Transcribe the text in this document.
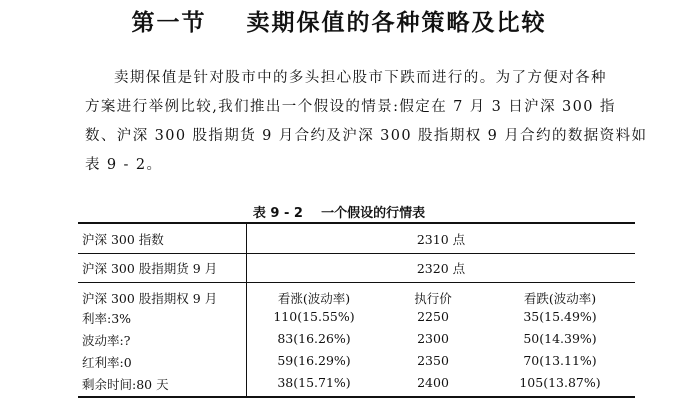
第一节    卖期保值的各种策略及比较
卖期保值是针对股市中的多头担心股市下跌而进行的。为了方便对各种
方案进行举例比较,我们推出一个假设的情景:假定在 7 月 3 日沪深 300 指
数、沪深 300 股指期货 9 月合约及沪深 300 股指期权 9 月合约的数据资料如
表 9 - 2。
表 9 - 2    一个假设的行情表
沪深 300 指数	2310 点
沪深 300 股指期货 9 月	2320 点
沪深 300 股指期权 9 月	看涨(波动率)	执行价	看跌(波动率)
利率:3%	110(15.55%)	2250	35(15.49%)
波动率:?	83(16.26%)	2300	50(14.39%)
红利率:0	59(16.29%)	2350	70(13.11%)
剩余时间:80 天	38(15.71%)	2400	105(13.87%)
